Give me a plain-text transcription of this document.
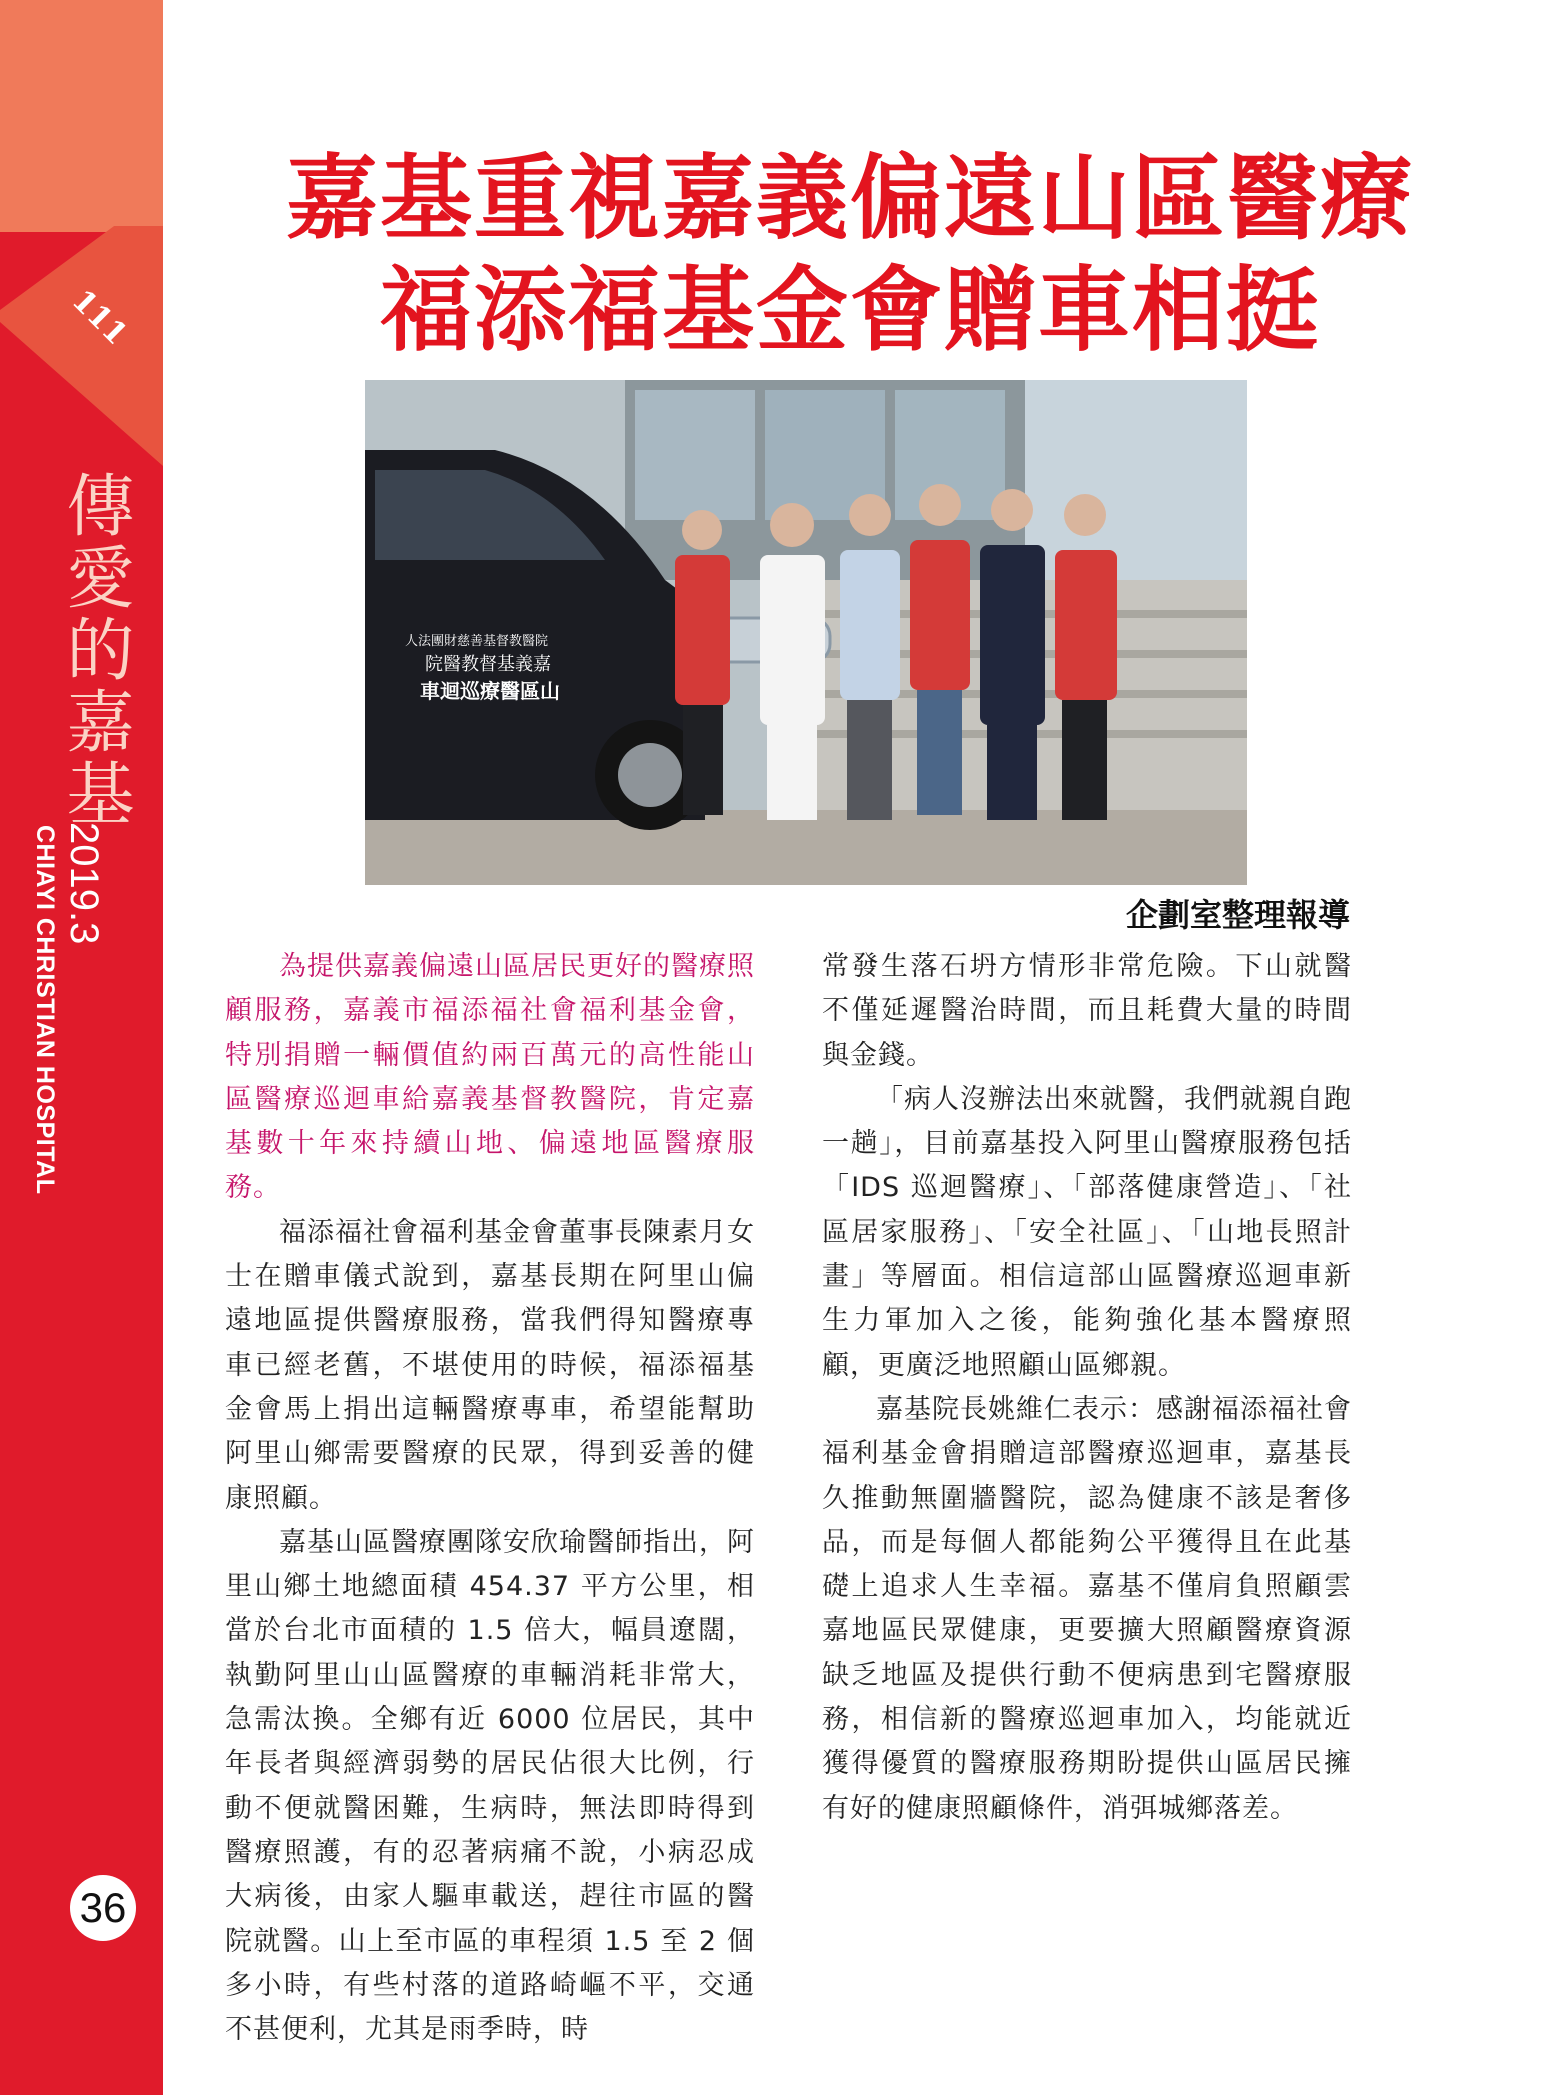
111
傳愛的嘉基
2019.3
CHIAYI CHRISTIAN HOSPITAL
36
嘉基重視嘉義偏遠山區醫療
福添福基金會贈車相挺
人法團財慈善基督教醫院
院醫教督基義嘉
車迴巡療醫區山
企劃室整理報導

為提供嘉義偏遠山區居民更好的醫療照顧服務，嘉義市福添福社會福利基金會，特別捐贈一輛價值約兩百萬元的高性能山區醫療巡迴車給嘉義基督教醫院，肯定嘉基數十年來持續山地、偏遠地區醫療服務。

福添福社會福利基金會董事長陳素月女士在贈車儀式說到，嘉基長期在阿里山偏遠地區提供醫療服務，當我們得知醫療專車已經老舊，不堪使用的時候，福添福基金會馬上捐出這輛醫療專車，希望能幫助阿里山鄉需要醫療的民眾，得到妥善的健康照顧。

嘉基山區醫療團隊安欣瑜醫師指出，阿里山鄉土地總面積 454.37 平方公里，相當於台北市面積的 1.5 倍大，幅員遼闊，執勤阿里山山區醫療的車輛消耗非常大，急需汰換。全鄉有近 6000 位居民，其中年長者與經濟弱勢的居民佔很大比例，行動不便就醫困難，生病時，無法即時得到醫療照護，有的忍著病痛不說，小病忍成大病後，由家人驅車載送，趕往市區的醫院就醫。山上至市區的車程須 1.5 至 2 個多小時，有些村落的道路崎嶇不平，交通不甚便利，尤其是雨季時，時

常發生落石坍方情形非常危險。下山就醫不僅延遲醫治時間，而且耗費大量的時間與金錢。

「病人沒辦法出來就醫，我們就親自跑一趟」，目前嘉基投入阿里山醫療服務包括「IDS 巡迴醫療」、「部落健康營造」、「社區居家服務」、「安全社區」、「山地長照計畫」等層面。相信這部山區醫療巡迴車新生力軍加入之後，能夠強化基本醫療照顧，更廣泛地照顧山區鄉親。

嘉基院長姚維仁表示：感謝福添福社會福利基金會捐贈這部醫療巡迴車，嘉基長久推動無圍牆醫院，認為健康不該是奢侈品，而是每個人都能夠公平獲得且在此基礎上追求人生幸福。嘉基不僅肩負照顧雲嘉地區民眾健康，更要擴大照顧醫療資源缺乏地區及提供行動不便病患到宅醫療服務，相信新的醫療巡迴車加入，均能就近獲得優質的醫療服務期盼提供山區居民擁有好的健康照顧條件，消弭城鄉落差。
